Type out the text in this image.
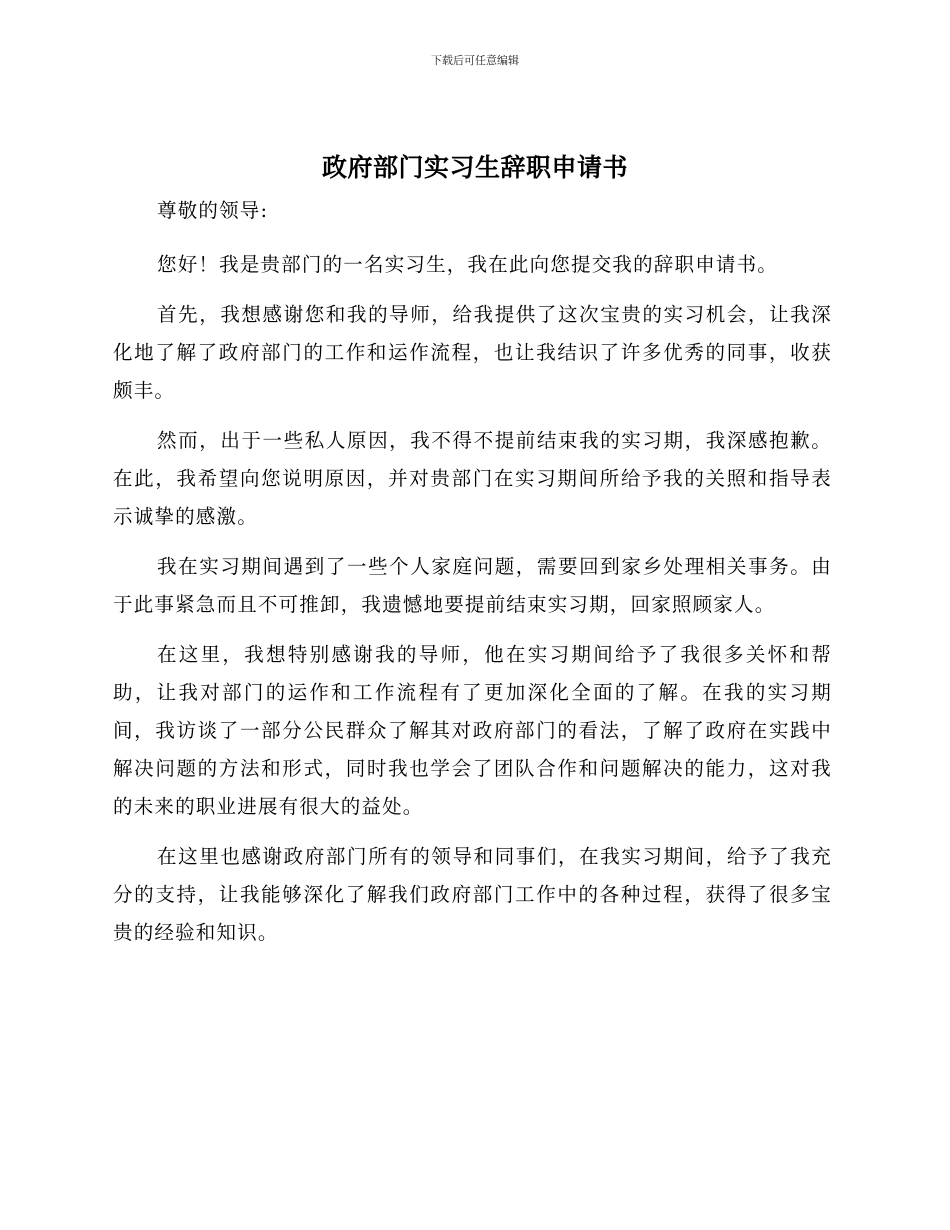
下载后可任意编辑
政府部门实习生辞职申请书

尊敬的领导:

您好！我是贵部门的一名实习生，我在此向您提交我的辞职申请书。

首先，我想感谢您和我的导师，给我提供了这次宝贵的实习机会，让我深化地了解了政府部门的工作和运作流程，也让我结识了许多优秀的同事，收获颇丰。

然而，出于一些私人原因，我不得不提前结束我的实习期，我深感抱歉。在此，我希望向您说明原因，并对贵部门在实习期间所给予我的关照和指导表示诚挚的感激。

我在实习期间遇到了一些个人家庭问题，需要回到家乡处理相关事务。由于此事紧急而且不可推卸，我遗憾地要提前结束实习期，回家照顾家人。

在这里，我想特别感谢我的导师，他在实习期间给予了我很多关怀和帮助，让我对部门的运作和工作流程有了更加深化全面的了解。在我的实习期间，我访谈了一部分公民群众了解其对政府部门的看法，了解了政府在实践中解决问题的方法和形式，同时我也学会了团队合作和问题解决的能力，这对我的未来的职业进展有很大的益处。

在这里也感谢政府部门所有的领导和同事们，在我实习期间，给予了我充分的支持，让我能够深化了解我们政府部门工作中的各种过程，获得了很多宝贵的经验和知识。
